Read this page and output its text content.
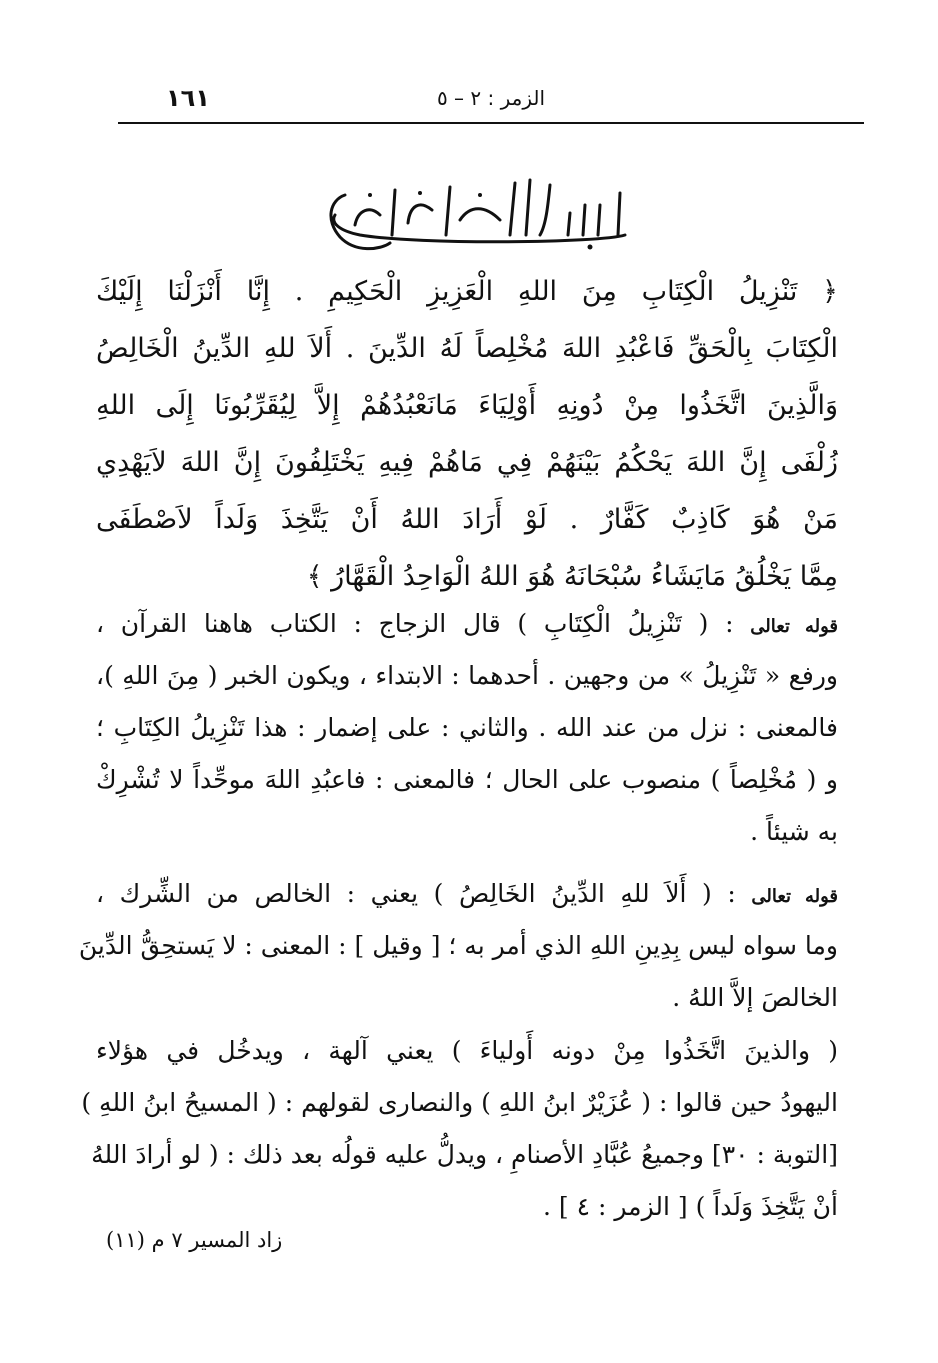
١٦١	الزمر : ٢ – ٥
﴿ تَنْزِيلُ الْكِتَابِ مِنَ اللهِ الْعَزِيزِ الْحَكِيمِ . إِنَّا أَنْزَلْنَا إِلَيْكَ
الْكِتَابَ بِالْحَقِّ فَاعْبُدِ اللهَ مُخْلِصاً لَهُ الدِّينَ . أَلاَ للهِ الدِّينُ الْخَالِصُ
وَالَّذِينَ اتَّخَذُوا مِنْ دُونِهِ أَوْلِيَاءَ مَانَعْبُدُهُمْ إِلاَّ لِيُقَرِّبُونَا إِلَى اللهِ
زُلْفَى إِنَّ اللهَ يَحْكُمُ بَيْنَهُمْ فِي مَاهُمْ فِيهِ يَخْتَلِفُونَ إِنَّ اللهَ لاَيَهْدِي
مَنْ هُوَ كَاذِبٌ كَفَّارٌ . لَوْ أَرَادَ اللهُ أَنْ يَتَّخِذَ وَلَداً لاَصْطَفَى
مِمَّا يَخْلُقُ مَايَشَاءُ سُبْحَانَهُ هُوَ اللهُ الْوَاحِدُ الْقَهَّارُ ﴾
قوله تعالى : ( تَنْزِيلُ الْكِتَابِ ) قال الزجاج : الكتاب هاهنا القرآن ،
ورفع « تَنْزِيلُ » من وجهين . أحدهما : الابتداء ، ويكون الخبر ( مِنَ اللهِ )،
فالمعنى : نزل من عند الله . والثاني : على إضمار : هذا تَنْزِيلُ الكِتَابِ ؛
و ( مُخْلِصاً ) منصوب على الحال ؛ فالمعنى : فاعبُدِ اللهَ موحِّداً لا تُشْرِكْ
به شيئاً .
قوله تعالى : ( أَلاَ للهِ الدِّينُ الخَالِصُ ) يعني : الخالص من الشِّرك ،
وما سواه ليس بِدِينِ اللهِ الذي أمر به ؛ [ وقيل ] : المعنى : لا يَستحِقُّ الدِّينَ
الخالصَ إلاَّ اللهُ .
( والذينَ اتَّخَذُوا مِنْ دونه أَولياءَ ) يعني آلهة ، ويدخُل في هؤلاء
اليهودُ حين قالوا : ( عُزَيْرٌ ابنُ اللهِ ) والنصارى لقولهم : ( المسيحُ ابنُ اللهِ )
[التوبة : ٣٠] وجميعُ عُبَّادِ الأصنامِ ، ويدلُّ عليه قولُه بعد ذلك : ( لو أرادَ اللهُ
أنْ يَتَّخِذَ وَلَداً ) [ الزمر : ٤ ] .
زاد المسير ٧ م (١١)
